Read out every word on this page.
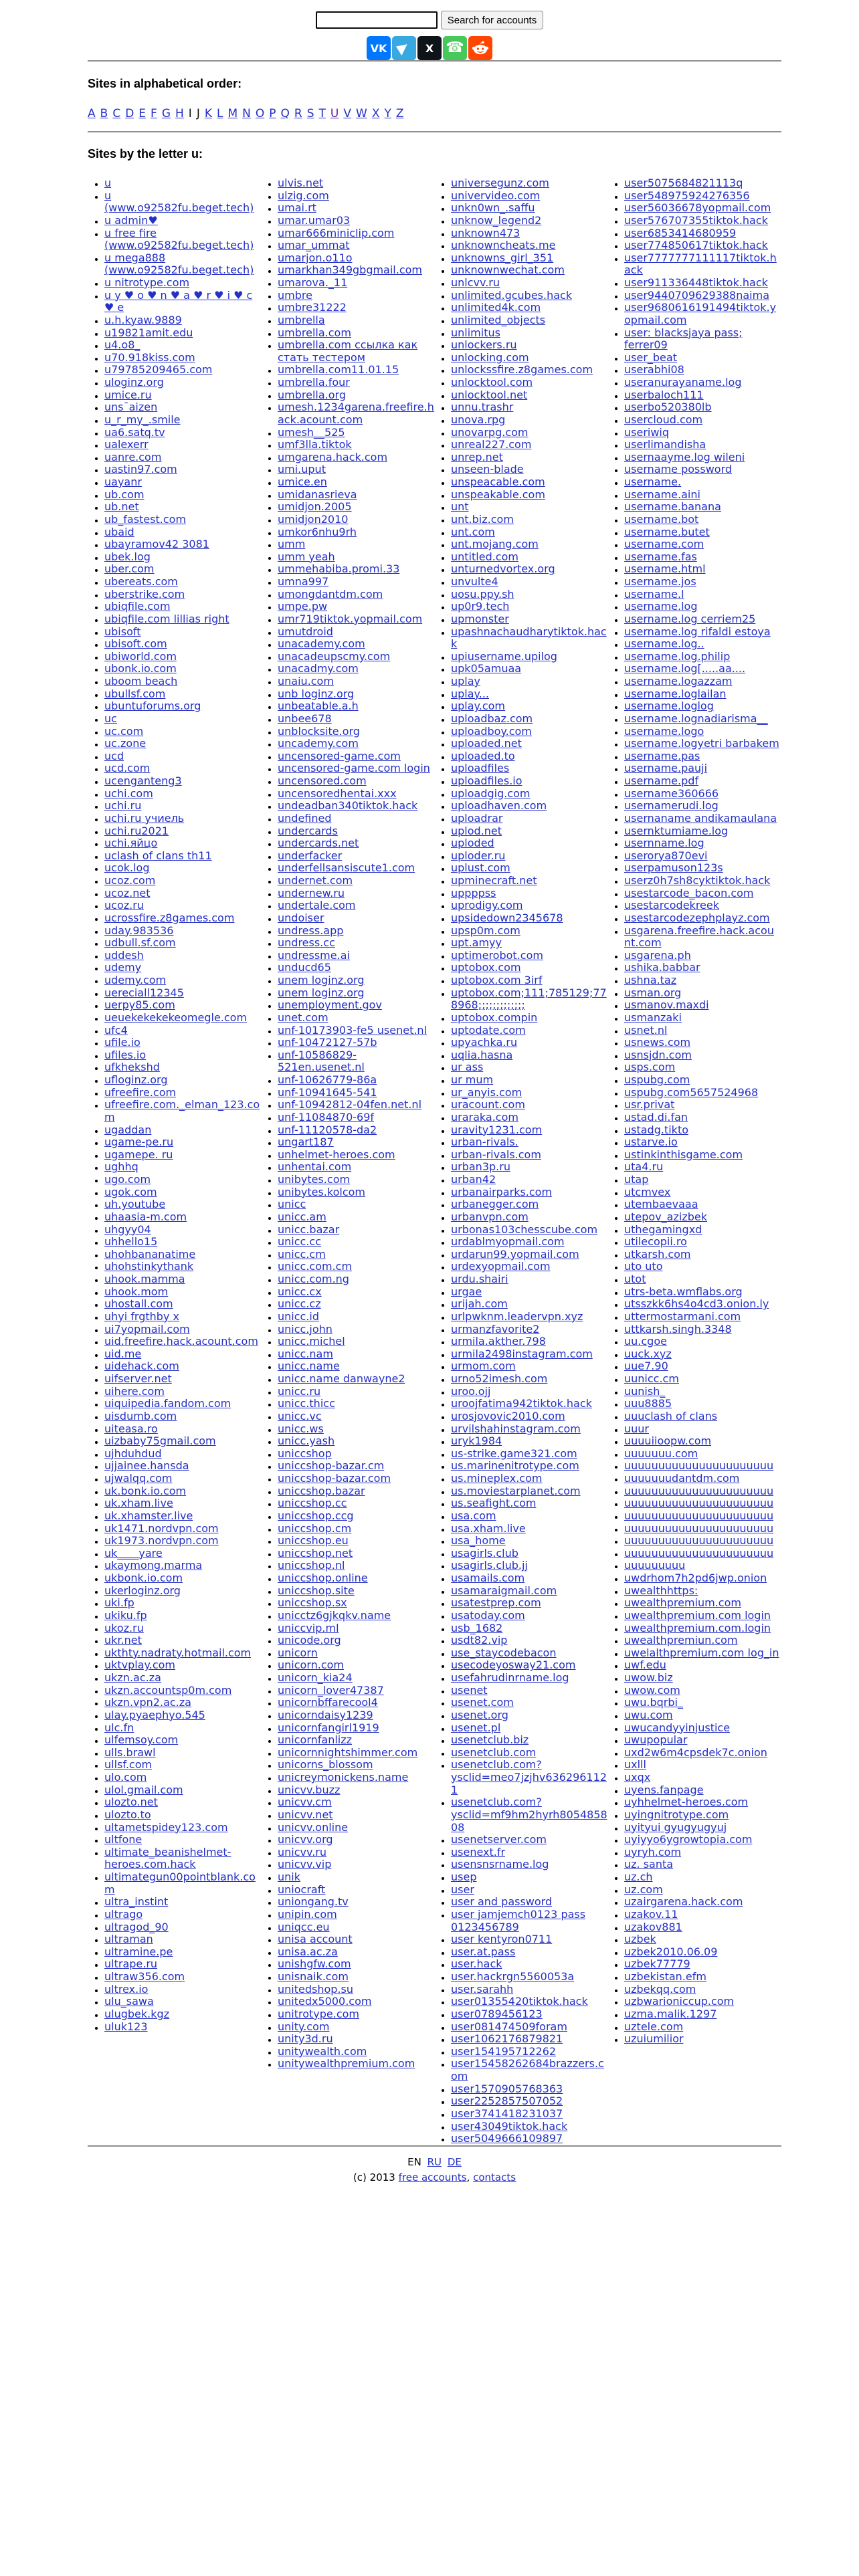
Search for accounts
VK	X ☎
Sites in alphabetical order:
A B C D E F G H I J K L M N O P Q R S T U V W X Y Z
Sites by the letter u:
• u
• u (www.o92582fu.beget.tech)
• u admin♥
• u free fire (www.o92582fu.beget.tech)
• u mega888 (www.o92582fu.beget.tech)
• u nitrotype.com
• u y ♥ o ♥ n ♥ a ♥ r ♥ i ♥ c ♥ e
• u.h.kyaw.9889
• u19821amit.edu
• u4.o8_
• u70.918kiss.com
• u79785209465.com
• uloginz.org
• umice.ru
• uns¯aizen
• u_r_my_.smile
• ua6.satq.tv
• ualexerr
• uanre.com
• uastin97.com
• uayanr
• ub.com
• ub.net
• ub_fastest.com
• ubaid
• ubayramov42 3081
• ubek.log
• uber.com
• ubereats.com
• uberstrike.com
• ubiqfile.com
• ubiqfile.com lillias right
• ubisoft
• ubisoft.com
• ubiworld.com
• ubonk.io.com
• uboom beach
• ubullsf.com
• ubuntuforums.org
• uc
• uc.com
• uc.zone
• ucd
• ucd.com
• ucenganteng3
• uchi.com
• uchi.ru
• uchi.ru учиель
• uchi.ru2021
• uchi.яйцо
• uclash of clans th11
• ucok.log
• ucoz.com
• ucoz.net
• ucoz.ru
• ucrossfire.z8games.com
• uday.983536
• udbull.sf.com
• uddesh
• udemy
• udemy.com
• uereciall12345
• uerpy85.com
• ueuekekekekeomegle.com
• ufc4
• ufile.io
• ufiles.io
• ufkhekshd
• ufloginz.org
• ufreefire.com
• ufreefire.com._elman_123.com
• ugaddan
• ugame-pe.ru
• ugamepe. ru
• ughhq
• ugo.com
• ugok.com
• uh.youtube
• uhaasia-m.com
• uhgyy04
• uhhello15
• uhohbananatime
• uhohstinkythank
• uhook.mamma
• uhook.mom
• uhostall.com
• uhyi frgthby x
• ui7yopmail.com
• uid.freefire.hack.acount.com
• uid.me
• uidehack.com
• uifserver.net
• uihere.com
• uiquipedia.fandom.com
• uisdumb.com
• uiteasa.ro
• uizbaby75gmail.com
• ujhduhdud
• ujjainee.hansda
• ujwalqq.com
• uk.bonk.io.com
• uk.xham.live
• uk.xhamster.live
• uk1471.nordvpn.com
• uk1973.nordvpn.com
• uk____yare
• ukaymong.marma
• ukbonk.io.com
• ukerloginz.org
• uki.fp
• ukiku.fp
• ukoz.ru
• ukr.net
• ukthty.nadraty.hotmail.com
• uktvplay.com
• ukzn.ac.za
• ukzn.accountsp0m.com
• ukzn.vpn2.ac.za
• ulay.pyaephyo.545
• ulc.fn
• ulfemsoy.com
• ulls.brawl
• ullsf.com
• ulo.com
• ulol.gmail.com
• ulozto.net
• ulozto.to
• ultametspidey123.com
• ultfone
• ultimate_beanishelmet-heroes.com.hack
• ultimategun00pointblank.com
• ultra_instint
• ultrago
• ultragod_90
• ultraman
• ultramine.pe
• ultrape.ru
• ultraw356.com
• ultrex.io
• ulu_sawa
• ulugbek.kgz
• uluk123
• ulvis.net
• ulzig.com
• umai.rt
• umar.umar03
• umar666miniclip.com
• umar_ummat
• umarjon.o11o
• umarkhan349gbgmail.com
• umarova._11
• umbre
• umbre31222
• umbrella
• umbrella.com
• umbrella.com ссылка как стать тестером
• umbrella.com11.01.15
• umbrella.four
• umbrella.org
• umesh.1234garena.freefire.hack.acount.com
• umesh__525
• umf3lla.tiktok
• umgarena.hack.com
• umi.uput
• umice.en
• umidanasrieva
• umidjon.2005
• umidjon2010
• umkor6nhu9rh
• umm
• umm yeah
• ummehabiba.promi.33
• umna997
• umongdantdm.com
• umpe.pw
• umr719tiktok.yopmail.com
• umutdroid
• unacademy.com
• unacadeupscmy.com
• unacadmy.com
• unaiu.com
• unb loginz.org
• unbeatable.a.h
• unbee678
• unblocksite.org
• uncademy.com
• uncensored-game.com
• uncensored-game.com login
• uncensored.com
• uncensoredhentai.xxx
• undeadban340tiktok.hack
• undefined
• undercards
• undercards.net
• underfacker
• underfellsansiscute1.com
• undernet.com
• undernew.ru
• undertale.com
• undoiser
• undress.app
• undress.cc
• undressme.ai
• unducd65
• unem loginz.org
• unem loginz.org
• unemployment.gov
• unet.com
• unf-10173903-fe5 usenet.nl
• unf-10472127-57b
• unf-10586829-521en.usenet.nl
• unf-10626779-86a
• unf-10941645-541
• unf-10942812-04fen.net.nl
• unf-11084870-69f
• unf-11120578-da2
• ungart187
• unhelmet-heroes.com
• unhentai.com
• unibytes.com
• unibytes.kolcom
• unicc
• unicc.am
• unicc.bazar
• unicc.cc
• unicc.cm
• unicc.com.cm
• unicc.com.ng
• unicc.cx
• unicc.cz
• unicc.id
• unicc.john
• unicc.michel
• unicc.nam
• unicc.name
• unicc.name danwayne2
• unicc.ru
• unicc.thicc
• unicc.vc
• unicc.ws
• unicc.yash
• uniccshop
• uniccshop-bazar.cm
• uniccshop-bazar.com
• uniccshop.bazar
• uniccshop.cc
• uniccshop.ccg
• uniccshop.cm
• uniccshop.eu
• uniccshop.net
• uniccshop.nl
• uniccshop.online
• uniccshop.site
• uniccshop.sx
• unicctz6gjkqkv.name
• uniccvip.ml
• unicode.org
• unicorn
• unicorn.com
• unicorn_kia24
• unicorn_lover47387
• unicornbffarecool4
• unicorndaisy1239
• unicornfangirl1919
• unicornfanlizz
• unicornnightshimmer.com
• unicorns_blossom
• unicreymonickens.name
• unicvv.buzz
• unicvv.cm
• unicvv.net
• unicvv.online
• unicvv.org
• unicvv.ru
• unicvv.vip
• unik
• uniocraft
• uniongang.tv
• unipin.com
• uniqcc.eu
• unisa account
• unisa.ac.za
• unishgfw.com
• unisnaik.com
• unitedshop.su
• unitedx5000.com
• unitrotype.com
• unity.com
• unity3d.ru
• unitywealth.com
• unitywealthpremium.com
• universegunz.com
• univervideo.com
• unkn0wn_.saffu
• unknow_legend2
• unknown473
• unknowncheats.me
• unknowns_girl_351
• unknownwechat.com
• unlcvv.ru
• unlimited.gcubes.hack
• unlimited4k.com
• unlimited_objects
• unlimitus
• unlockers.ru
• unlocking.com
• unlockssfire.z8games.com
• unlocktool.com
• unlocktool.net
• unnu.trashr
• unova.rpg
• unovarpg.com
• unreal227.com
• unrep.net
• unseen-blade
• unspeacable.com
• unspeakable.com
• unt
• unt.biz.com
• unt.com
• unt.mojang.com
• untitled.com
• unturnedvortex.org
• unvulte4
• uosu.ppy.sh
• up0r9.tech
• upmonster
• upashnachaudharytiktok.hack
• upiusername.upilog
• upk05amuaa
• uplay
• uplay...
• uplay.com
• uploadbaz.com
• uploadboy.com
• uploaded.net
• uploaded.to
• uploadfiles
• uploadfiles.io
• uploadgig.com
• uploadhaven.com
• uploadrar
• uplod.net
• uploded
• uploder.ru
• uplust.com
• upminecraft.net
• uppppss
• uprodigy.com
• upsidedown2345678
• upsp0m.com
• upt.amyy
• uptimerobot.com
• uptobox.com
• uptobox.com 3irf
• uptobox.com;111;785129;778968;;;;;;;;;;;;;
• uptobox.compin
• uptodate.com
• upyachka.ru
• uqlia.hasna
• ur ass
• ur mum
• ur_anyis.com
• uracount.com
• uraraka.com
• uravity1231.com
• urban-rivals.
• urban-rivals.com
• urban3p.ru
• urban42
• urbanairparks.com
• urbanegger.com
• urbanvpn.com
• urbonas103chesscube.com
• urdablmyopmail.com
• urdarun99.yopmail.com
• urdexyopmail.com
• urdu.shairi
• urgae
• urijah.com
• urlpwknm.leadervpn.xyz
• urmanzfavorite2
• urmila.akther.798
• urmila2498instagram.com
• urmom.com
• urno52imesh.com
• uroo.ojj
• uroojfatima942tiktok.hack
• urosjovovic2010.com
• urvilshahinstagram.com
• uryk1984
• us-strike.game321.com
• us.marinenitrotype.com
• us.mineplex.com
• us.moviestarplanet.com
• us.seafight.com
• usa.com
• usa.xham.live
• usa_home
• usagirls.club
• usagirls.club.jj
• usamails.com
• usamaraigmail.com
• usatestprep.com
• usatoday.com
• usb_1682
• usdt82.vip
• use_staycodebacon
• usecodeyosway21.com
• usefahrudinrname.log
• usenet
• usenet.com
• usenet.org
• usenet.pl
• usenetclub.biz
• usenetclub.com
• usenetclub.com?ysclid=meo7jzjhv6362961121
• usenetclub.com?ysclid=mf9hm2hyrh805485808
• usenetserver.com
• usenext.fr
• usensnsrname.log
• usep
• user
• user and password
• user jamjemch0123 pass 0123456789
• user kentyron0711
• user.at.pass
• user.hack
• user.hackrgn5560053a
• user.sarahh
• user01355420tiktok.hack
• user0789456123
• user081474509foram
• user1062176879821
• user154195712262
• user15458262684brazzers.com
• user1570905768363
• user2252857507052
• user3741418231037
• user43049tiktok.hack
• user5049666109897
• user5075684821113q
• user548975924276356
• user56036678yopmail.com
• user576707355tiktok.hack
• user6853414680959
• user774850617tiktok.hack
• user7777777111117tiktok.hack
• user911336448tiktok.hack
• user9440709629388naima
• user9680616191494tiktok.yopmail.com
• user: blacksjaya pass; ferrer09
• user_beat
• userabhi08
• useranurayaname.log
• userbaloch111
• userbo520380lb
• usercloud.com
• useriwiq
• userlimandisha
• usernaayme.log wileni
• username possword
• username.
• username.aini
• username.banana
• username.bot
• username.butet
• username.com
• username.fas
• username.html
• username.jos
• username.l
• username.log
• username.log cerriem25
• username.log rifaldi estoya
• username.log..
• username.log.philip
• username.log[.....aa....
• username.logazzam
• username.loglailan
• username.loglog
• username.lognadiarisma__
• username.logo
• username.logyetri barbakem
• username.pas
• username.pauji
• username.pdf
• username360666
• usernamerudi.log
• usernaname andikamaulana
• usernktumiame.log
• usernname.log
• userorya870evi
• userpamuson123s
• userz0h7sh8cyktiktok.hack
• usestarcode_bacon.com
• usestarcodekreek
• usestarcodezephplayz.com
• usgarena.freefire.hack.acount.com
• usgarena.ph
• ushika.babbar
• ushna.taz
• usman.org
• usmanov.maxdi
• usmanzaki
• usnet.nl
• usnews.com
• usnsjdn.com
• usps.com
• uspubg.com
• uspubg.com5657524968
• usr.privat
• ustad.di.fan
• ustadg.tikto
• ustarve.io
• ustinkinthisgame.com
• uta4.ru
• utap
• utcmvex
• utembaevaaa
• utepov_azizbek
• uthegamingxd
• utilecopii.ro
• utkarsh.com
• uto uto
• utot
• utrs-beta.wmflabs.org
• utsszkk6hs4o4cd3.onion.ly
• uttermostarmani.com
• uttkarsh.singh.3348
• uu.cgoe
• uuck.xyz
• uue7.90
• uunicc.cm
• uunish_
• uuu8885
• uuuclash of clans
• uuur
• uuuuiioopw.com
• uuuuuuu.com
• uuuuuuuuuuuuuuuuuuuuuu
• uuuuuuudantdm.com
• uuuuuuuuuuuuuuuuuuuuuu
• uuuuuuuuuuuuuuuuuuuuuu
• uuuuuuuuuuuuuuuuuuuuuu
• uuuuuuuuuuuuuuuuuuuuuu
• uuuuuuuuuuuuuuuuuuuuuu
• uuuuuuuuuuuuuuuuuuuuuu
• uuuuuuuuu
• uwdrhom7h2pd6jwp.onion
• uwealthhttps:
• uwealthpremium.com
• uwealthpremium.com login
• uwealthpremium.com.login
• uwealthpremiun.com
• uwelalthpremium.com log_in
• uwf.edu
• uwow.biz
• uwow.com
• uwu.bqrbi_
• uwu.com
• uwucandyyinjustice
• uwupopular
• uxd2w6m4cpsdek7c.onion
• uxlll
• uxqx
• uyens.fanpage
• uyhhelmet-heroes.com
• uyingnitrotype.com
• uyityui gyugyugyuj
• uyiyyo6ygrowtopia.com
• uyryh.com
• uz. santa
• uz.ch
• uz.com
• uzairgarena.hack.com
• uzakov.11
• uzakov881
• uzbek
• uzbek2010.06.09
• uzbek77779
• uzbekistan.efm
• uzbekqq.com
• uzbwarioniccup.com
• uzma.malik.1297
• uztele.com
• uzuiumilior
EN RU DE
(c) 2013 free accounts, contacts
